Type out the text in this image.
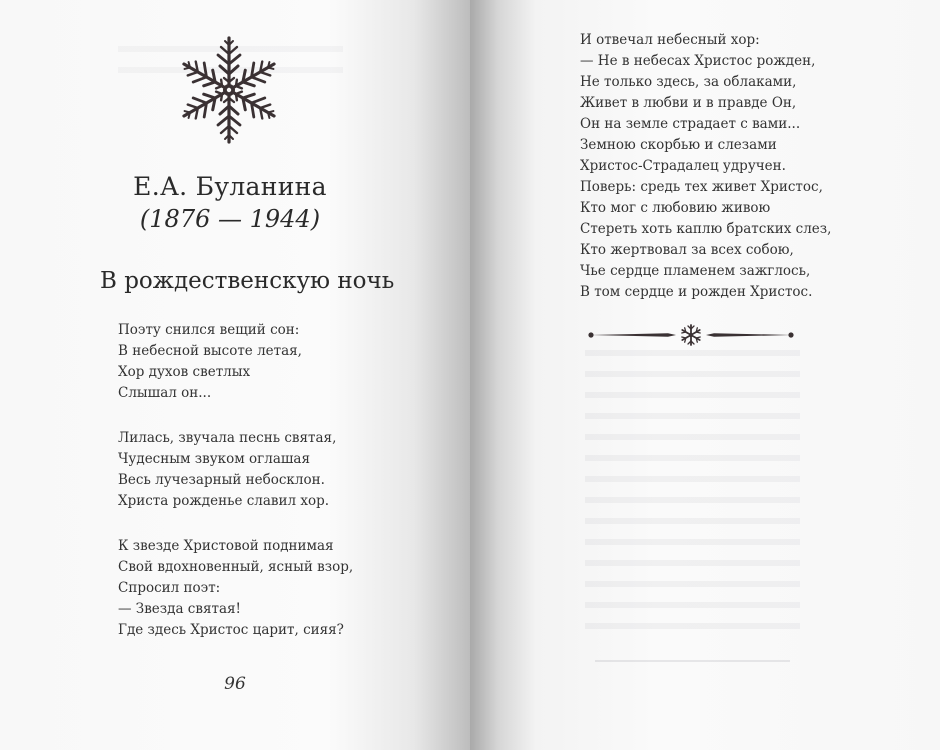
Е.А. Буланина
(1876 — 1944)
В рождественскую ночь
Поэту снился вещий сон:
В небесной высоте летая,
Хор духов светлых
Слышал он...
Лилась, звучала песнь святая,
Чудесным звуком оглашая
Весь лучезарный небосклон.
Христа рожденье славил хор.
К звезде Христовой поднимая
Свой вдохновенный, ясный взор,
Спросил поэт:
— Звезда святая!
Где здесь Христос царит, сияя?
96
И отвечал небесный хор:
— Не в небесах Христос рожден,
Не только здесь, за облаками,
Живет в любви и в правде Он,
Он на земле страдает с вами...
Земною скорбью и слезами
Христос-Страдалец удручен.
Поверь: средь тех живет Христос,
Кто мог с любовию живою
Стереть хоть каплю братских слез,
Кто жертвовал за всех собою,
Чье сердце пламенем зажглось,
В том сердце и рожден Христос.
